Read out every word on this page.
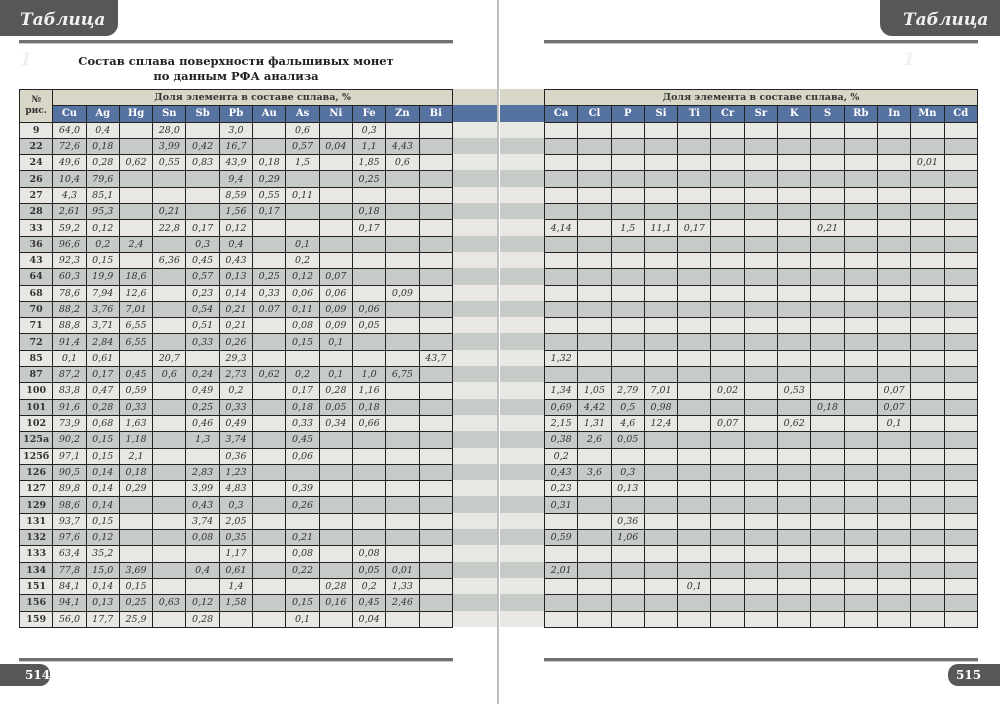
Таблица 1	Состав сплава поверхности фальшивых монет
по данным РФА анализа
№
рис.	Доля элемента в составе сплава, %											
	Cu	Ag	Hg	Sn	Sb	Pb	Au	As	Ni	Fe	Zn	Bi
9	64,0	0,4		28,0		3,0		0,6		0,3		
22	72,6	0,18		3,99	0,42	16,7		0,57	0,04	1,1	4,43	
24	49,6	0,28	0,62	0,55	0,83	43,9	0,18	1,5		1,85	0,6	
26	10,4	79,6				9,4	0,29			0,25		
27	4,3	85,1				8,59	0,55	0,11				
28	2,61	95,3		0,21		1,56	0,17			0,18		
33	59,2	0,12		22,8	0,17	0,12				0,17		
36	96,6	0,2	2,4		0,3	0,4		0,1				
43	92,3	0,15		6,36	0,45	0,43		0,2				
64	60,3	19,9	18,6		0,57	0,13	0,25	0,12	0,07			
68	78,6	7,94	12,6		0,23	0,14	0,33	0,06	0,06		0,09	
70	88,2	3,76	7,01		0,54	0,21	0.07	0,11	0,09	0,06		
71	88,8	3,71	6,55		0,51	0,21		0,08	0,09	0,05		
72	91,4	2,84	6,55		0,33	0,26		0,15	0,1			
85	0,1	0,61		20,7		29,3						43,7
87	87,2	0,17	0,45	0,6	0,24	2,73	0,62	0,2	0,1	1,0	6,75	
100	83,8	0,47	0,59		0,49	0,2		0,17	0,28	1,16		
101	91,6	0,28	0,33		0,25	0,33		0,18	0,05	0,18		
102	73,9	0,68	1,63		0,46	0,49		0,33	0,34	0,66		
125а	90,2	0,15	1,18		1,3	3,74		0,45				
125б	97,1	0,15	2,1			0,36		0,06				
126	90,5	0,14	0,18		2,83	1,23						
127	89,8	0,14	0,29		3,99	4,83		0,39				
129	98,6	0,14			0,43	0,3		0,26				
131	93,7	0,15			3,74	2,05						
132	97,6	0,12			0,08	0,35		0,21				
133	63,4	35,2				1,17		0,08		0,08		
134	77,8	15,0	3,69		0,4	0,61		0,22		0,05	0,01	
151	84,1	0,14	0,15			1,4			0,28	0,2	1,33	
156	94,1	0,13	0,25	0,63	0,12	1,58		0,15	0,16	0,45	2,46	
159	56,0	17,7	25,9		0,28			0,1		0,04		
514
Таблица 1
Доля элемента в составе сплава, %												
Ca	Cl	P	Si	Ti	Cr	Sr	K	S	Rb	In	Mn	Cd

											0,01	

4,14		1,5	11,1	0,17				0,21				

1,32												

1,34	1,05	2,79	7,01		0,02		0,53			0,07		
0,69	4,42	0,5	0,98					0,18		0,07		
2,15	1,31	4,6	12,4		0,07		0,62			0,1		
0,38	2,6	0,05										
0,2												
0,43	3,6	0,3										
0,23		0,13										
0,31												
		0,36										
0,59		1,06										

2,01												
				0,1								

515
